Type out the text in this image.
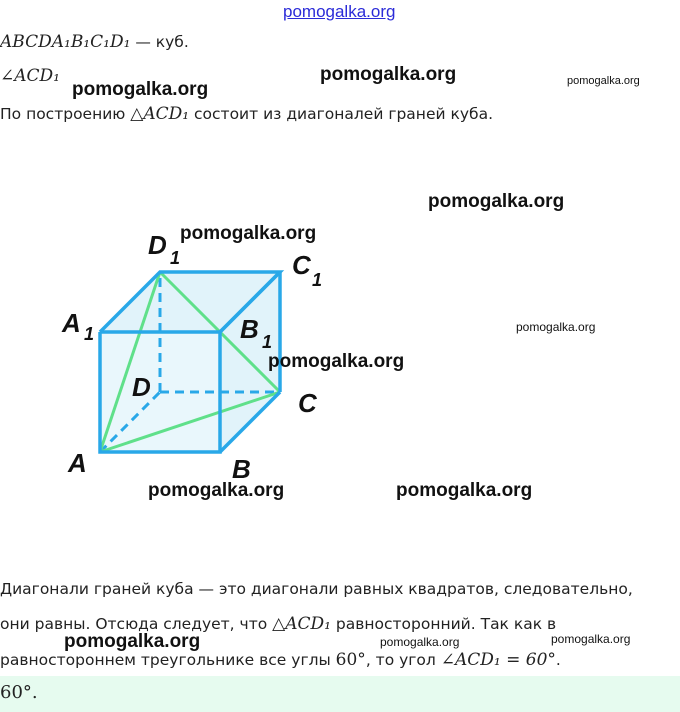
pomogalka.org
ABCDA₁B₁C₁D₁ — куб.
∠ACD₁
По построению △ACD₁ состоит из диагоналей граней куба.
A	B
C
D
A 1	B 1
C 1
D 1
Диагонали граней куба — это диагонали равных квадратов, следовательно,
они равны. Отсюда следует, что △ACD₁ равносторонний. Так как в
равностороннем треугольнике все углы 60°, то угол ∠ACD₁ = 60°.
60°.
pomogalka.org
pomogalka.org	pomogalka.org
pomogalka.org
pomogalka.org
pomogalka.org
pomogalka.org
pomogalka.org	pomogalka.org
pomogalka.org	pomogalka.org	pomogalka.org
